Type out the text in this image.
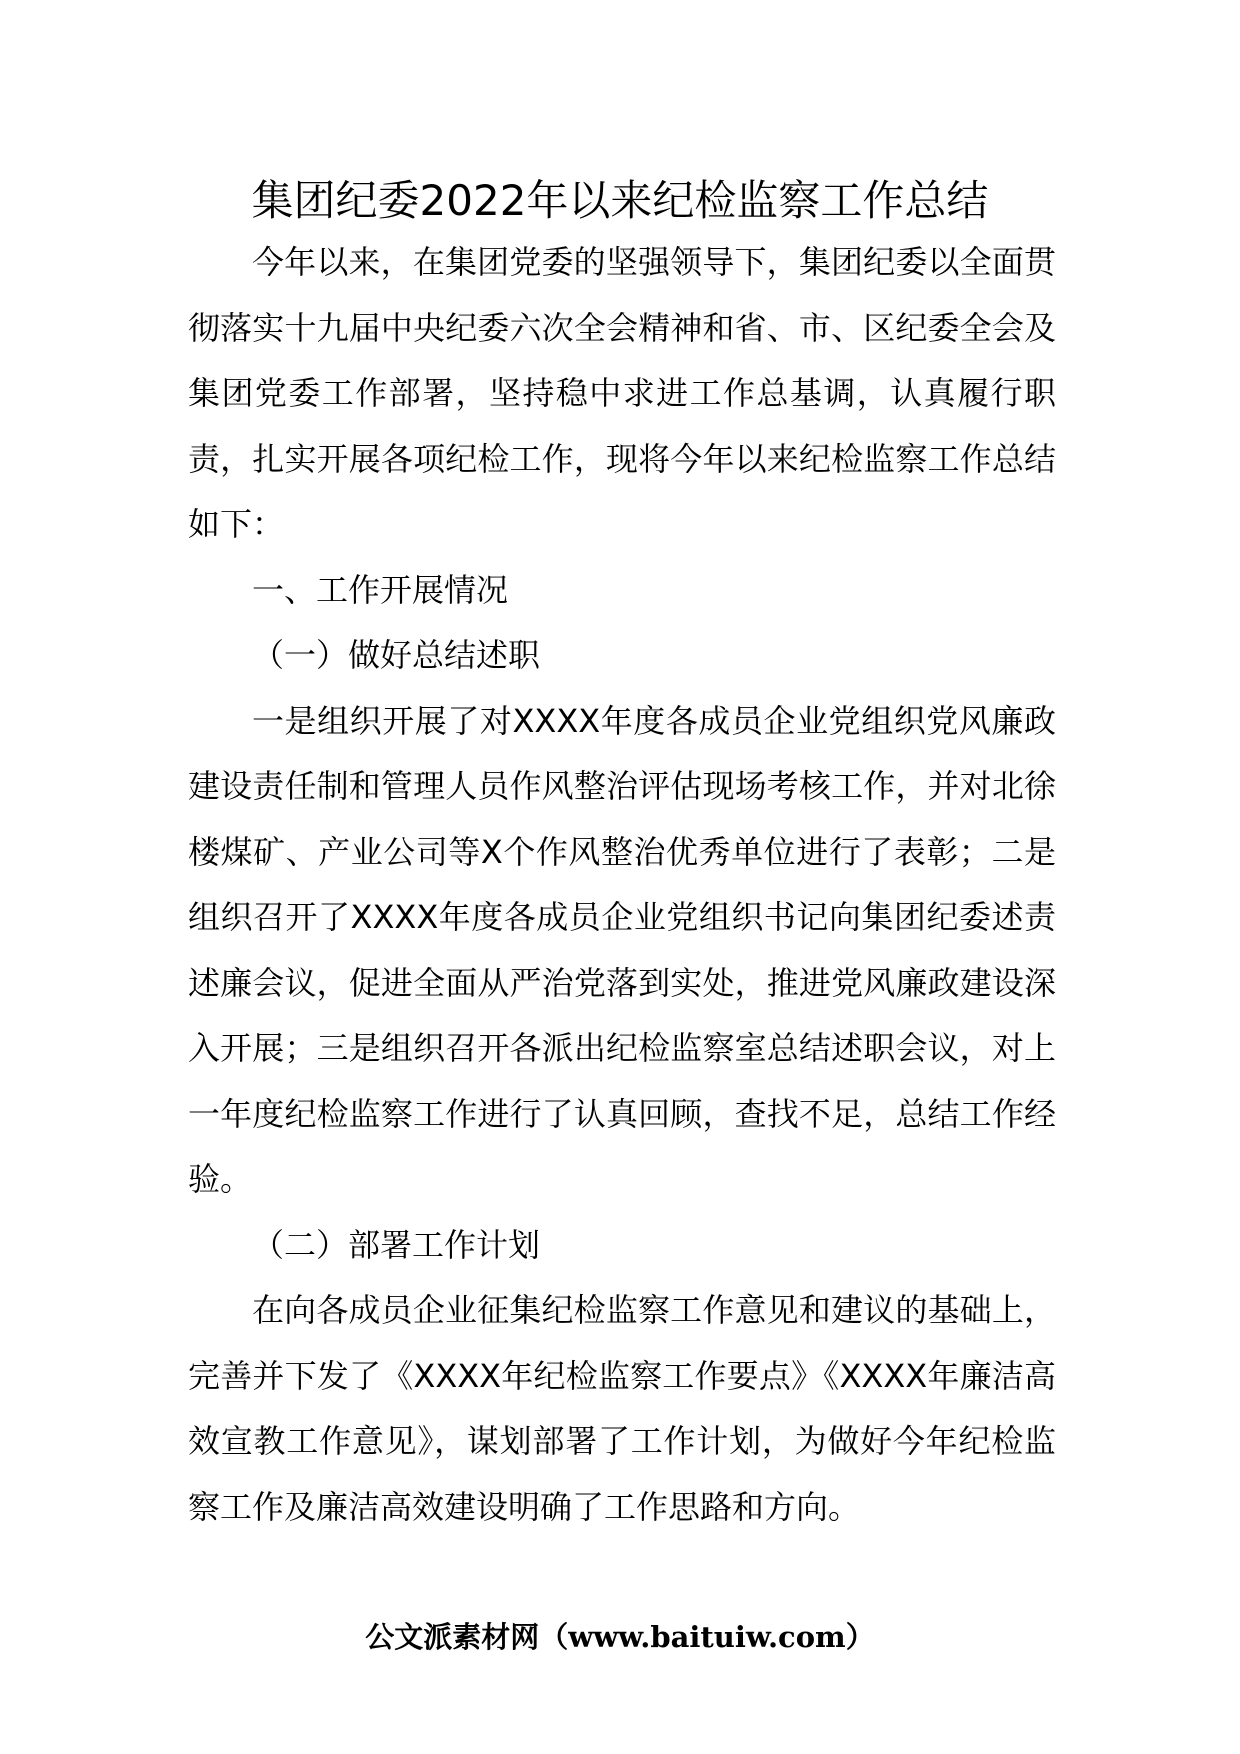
集团纪委2022年以来纪检监察工作总结

今年以来，在集团党委的坚强领导下，集团纪委以全面贯彻落实十九届中央纪委六次全会精神和省、市、区纪委全会及集团党委工作部署，坚持稳中求进工作总基调，认真履行职责，扎实开展各项纪检工作，现将今年以来纪检监察工作总结如下：

一、工作开展情况

（一）做好总结述职

一是组织开展了对XXXX年度各成员企业党组织党风廉政建设责任制和管理人员作风整治评估现场考核工作，并对北徐楼煤矿、产业公司等X个作风整治优秀单位进行了表彰；二是组织召开了XXXX年度各成员企业党组织书记向集团纪委述责述廉会议，促进全面从严治党落到实处，推进党风廉政建设深入开展；三是组织召开各派出纪检监察室总结述职会议，对上一年度纪检监察工作进行了认真回顾，查找不足，总结工作经验。

（二）部署工作计划

在向各成员企业征集纪检监察工作意见和建议的基础上，完善并下发了《XXXX年纪检监察工作要点》《XXXX年廉洁高效宣教工作意见》，谋划部署了工作计划，为做好今年纪检监察工作及廉洁高效建设明确了工作思路和方向。

公文派素材网（www.baituiw.com）
